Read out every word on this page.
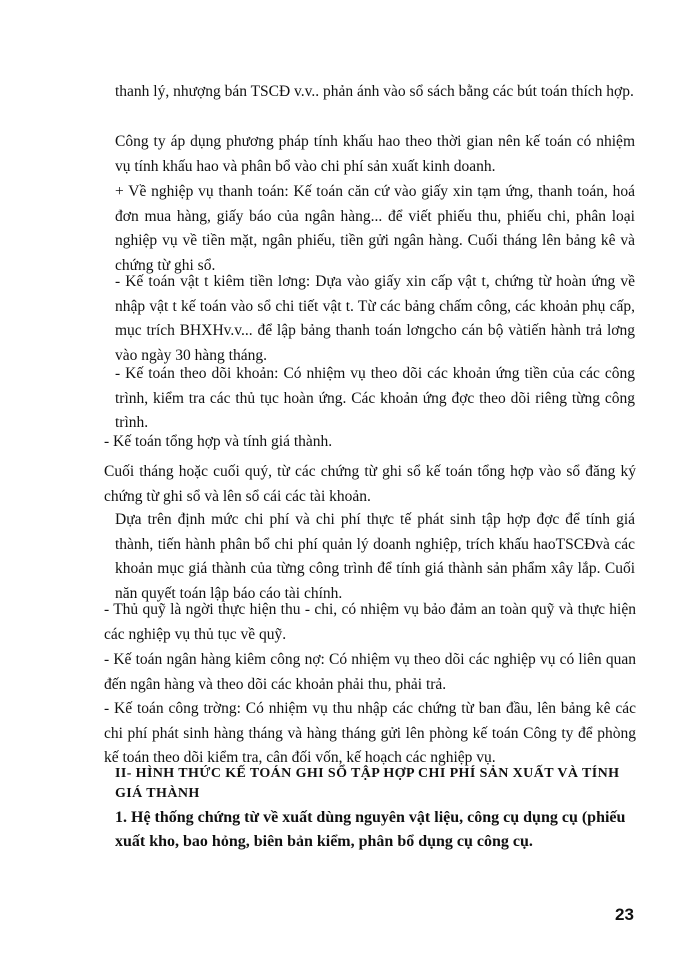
thanh lý, nhượng bán TSCĐ v.v.. phản ánh vào sổ sách bằng các bút toán thích hợp.

Công ty áp dụng phương pháp tính khấu hao theo thời gian nên kế toán có nhiệm vụ tính khấu hao và phân bổ vào chi phí sản xuất kinh doanh.

+ Về nghiệp vụ thanh toán: Kế toán căn cứ vào giấy xin tạm ứng, thanh toán, hoá đơn mua hàng, giấy báo của ngân hàng... để viết phiếu thu, phiếu chi, phân loại nghiệp vụ về tiền mặt, ngân phiếu, tiền gửi ngân hàng. Cuối tháng lên bảng kê và chứng từ ghi sổ.

- Kế toán vật t kiêm tiền lơng: Dựa vào giấy xin cấp vật t, chứng từ hoàn ứng về nhập vật t kế toán vào sổ chi tiết vật t. Từ các bảng chấm công, các khoản phụ cấp, mục trích BHXHv.v... để lập bảng thanh toán lơngcho cán bộ vàtiến hành trả lơng vào ngày 30 hàng tháng.

- Kế toán theo dõi khoản: Có nhiệm vụ theo dõi các khoản ứng tiền của các công trình, kiểm tra các thủ tục hoàn ứng. Các khoản ứng đợc theo dõi riêng từng công trình.

- Kế toán tổng hợp và tính giá thành.

Cuối tháng hoặc cuối quý, từ các chứng từ ghi sổ kế toán tổng hợp vào sổ đăng ký chứng từ ghi sổ và lên sổ cái các tài khoản.

Dựa trên định mức chi phí và chi phí thực tế phát sinh tập hợp đợc để tính giá thành, tiến hành phân bổ chi phí quản lý doanh nghiệp, trích khấu haoTSCĐvà các khoản mục giá thành của từng công trình để tính giá thành sản phẩm xây lắp. Cuối năn quyết toán lập báo cáo tài chính.

- Thủ quỹ là ngời thực hiện thu - chi, có nhiệm vụ bảo đảm an toàn quỹ và thực hiện các nghiệp vụ thủ tục về quỹ.

- Kế toán ngân hàng kiêm công nợ: Có nhiệm vụ theo dõi các nghiệp vụ có liên quan đến ngân hàng và theo dõi các khoản phải thu, phải trả.

- Kế toán công trờng: Có nhiệm vụ thu nhập các chứng từ ban đầu, lên bảng kê các chi phí phát sinh hàng tháng và hàng tháng gửi lên phòng kế toán Công ty để phòng kế toán theo dõi kiểm tra, cân đối vốn, kế hoạch các nghiệp vụ.

II- HÌNH THỨC KẾ TOÁN GHI SỔ TẬP HỢP CHI PHÍ SẢN XUẤT VÀ TÍNH GIÁ THÀNH

1. Hệ thống chứng từ về xuất dùng nguyên vật liệu, công cụ dụng cụ (phiếu xuất kho, bao hỏng, biên bản kiểm, phân bổ dụng cụ công cụ.

23
